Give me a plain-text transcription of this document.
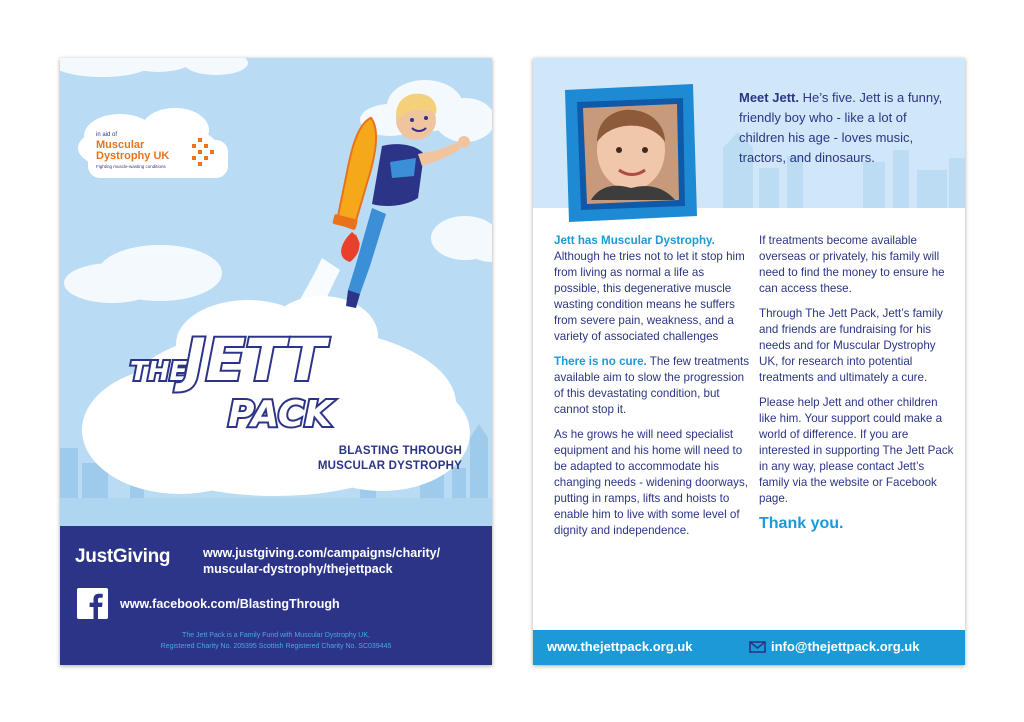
THE
JETT
PACK
in aid of
Muscular
Dystrophy UK
Fighting muscle-wasting conditions
BLASTING THROUGH
MUSCULAR DYSTROPHY
JustGiving	www.justgiving.com/campaigns/charity/
muscular-dystrophy/thejettpack
www.facebook.com/BlastingThrough
The Jett Pack is a Family Fund with Muscular Dystrophy UK,
Registered Charity No. 205395 Scottish Registered Charity No. SC039445
Meet Jett. He’s five. Jett is a funny, friendly boy who - like a lot of children his age - loves music, tractors, and dinosaurs.

Jett has Muscular Dystrophy. Although he tries not to let it stop him from living as normal a life as possible, this degenerative muscle wasting condition means he suffers from severe pain, weakness, and a variety of associated challenges

There is no cure. The few treatments available aim to slow the progression of this devastating condition, but cannot stop it.

As he grows he will need specialist equipment and his home will need to be adapted to accommodate his changing needs - widening doorways, putting in ramps, lifts and hoists to enable him to live with some level of dignity and independence.

If treatments become available overseas or privately, his family will need to find the money to ensure he can access these.

Through The Jett Pack, Jett’s family and friends are fundraising for his needs and for Muscular Dystrophy UK, for research into potential treatments and ultimately a cure.

Please help Jett and other children like him. Your support could make a world of difference. If you are interested in supporting The Jett Pack in any way, please contact Jett’s family via the website or Facebook page.

Thank you.
www.thejettpack.org.uk	info@thejettpack.org.uk
